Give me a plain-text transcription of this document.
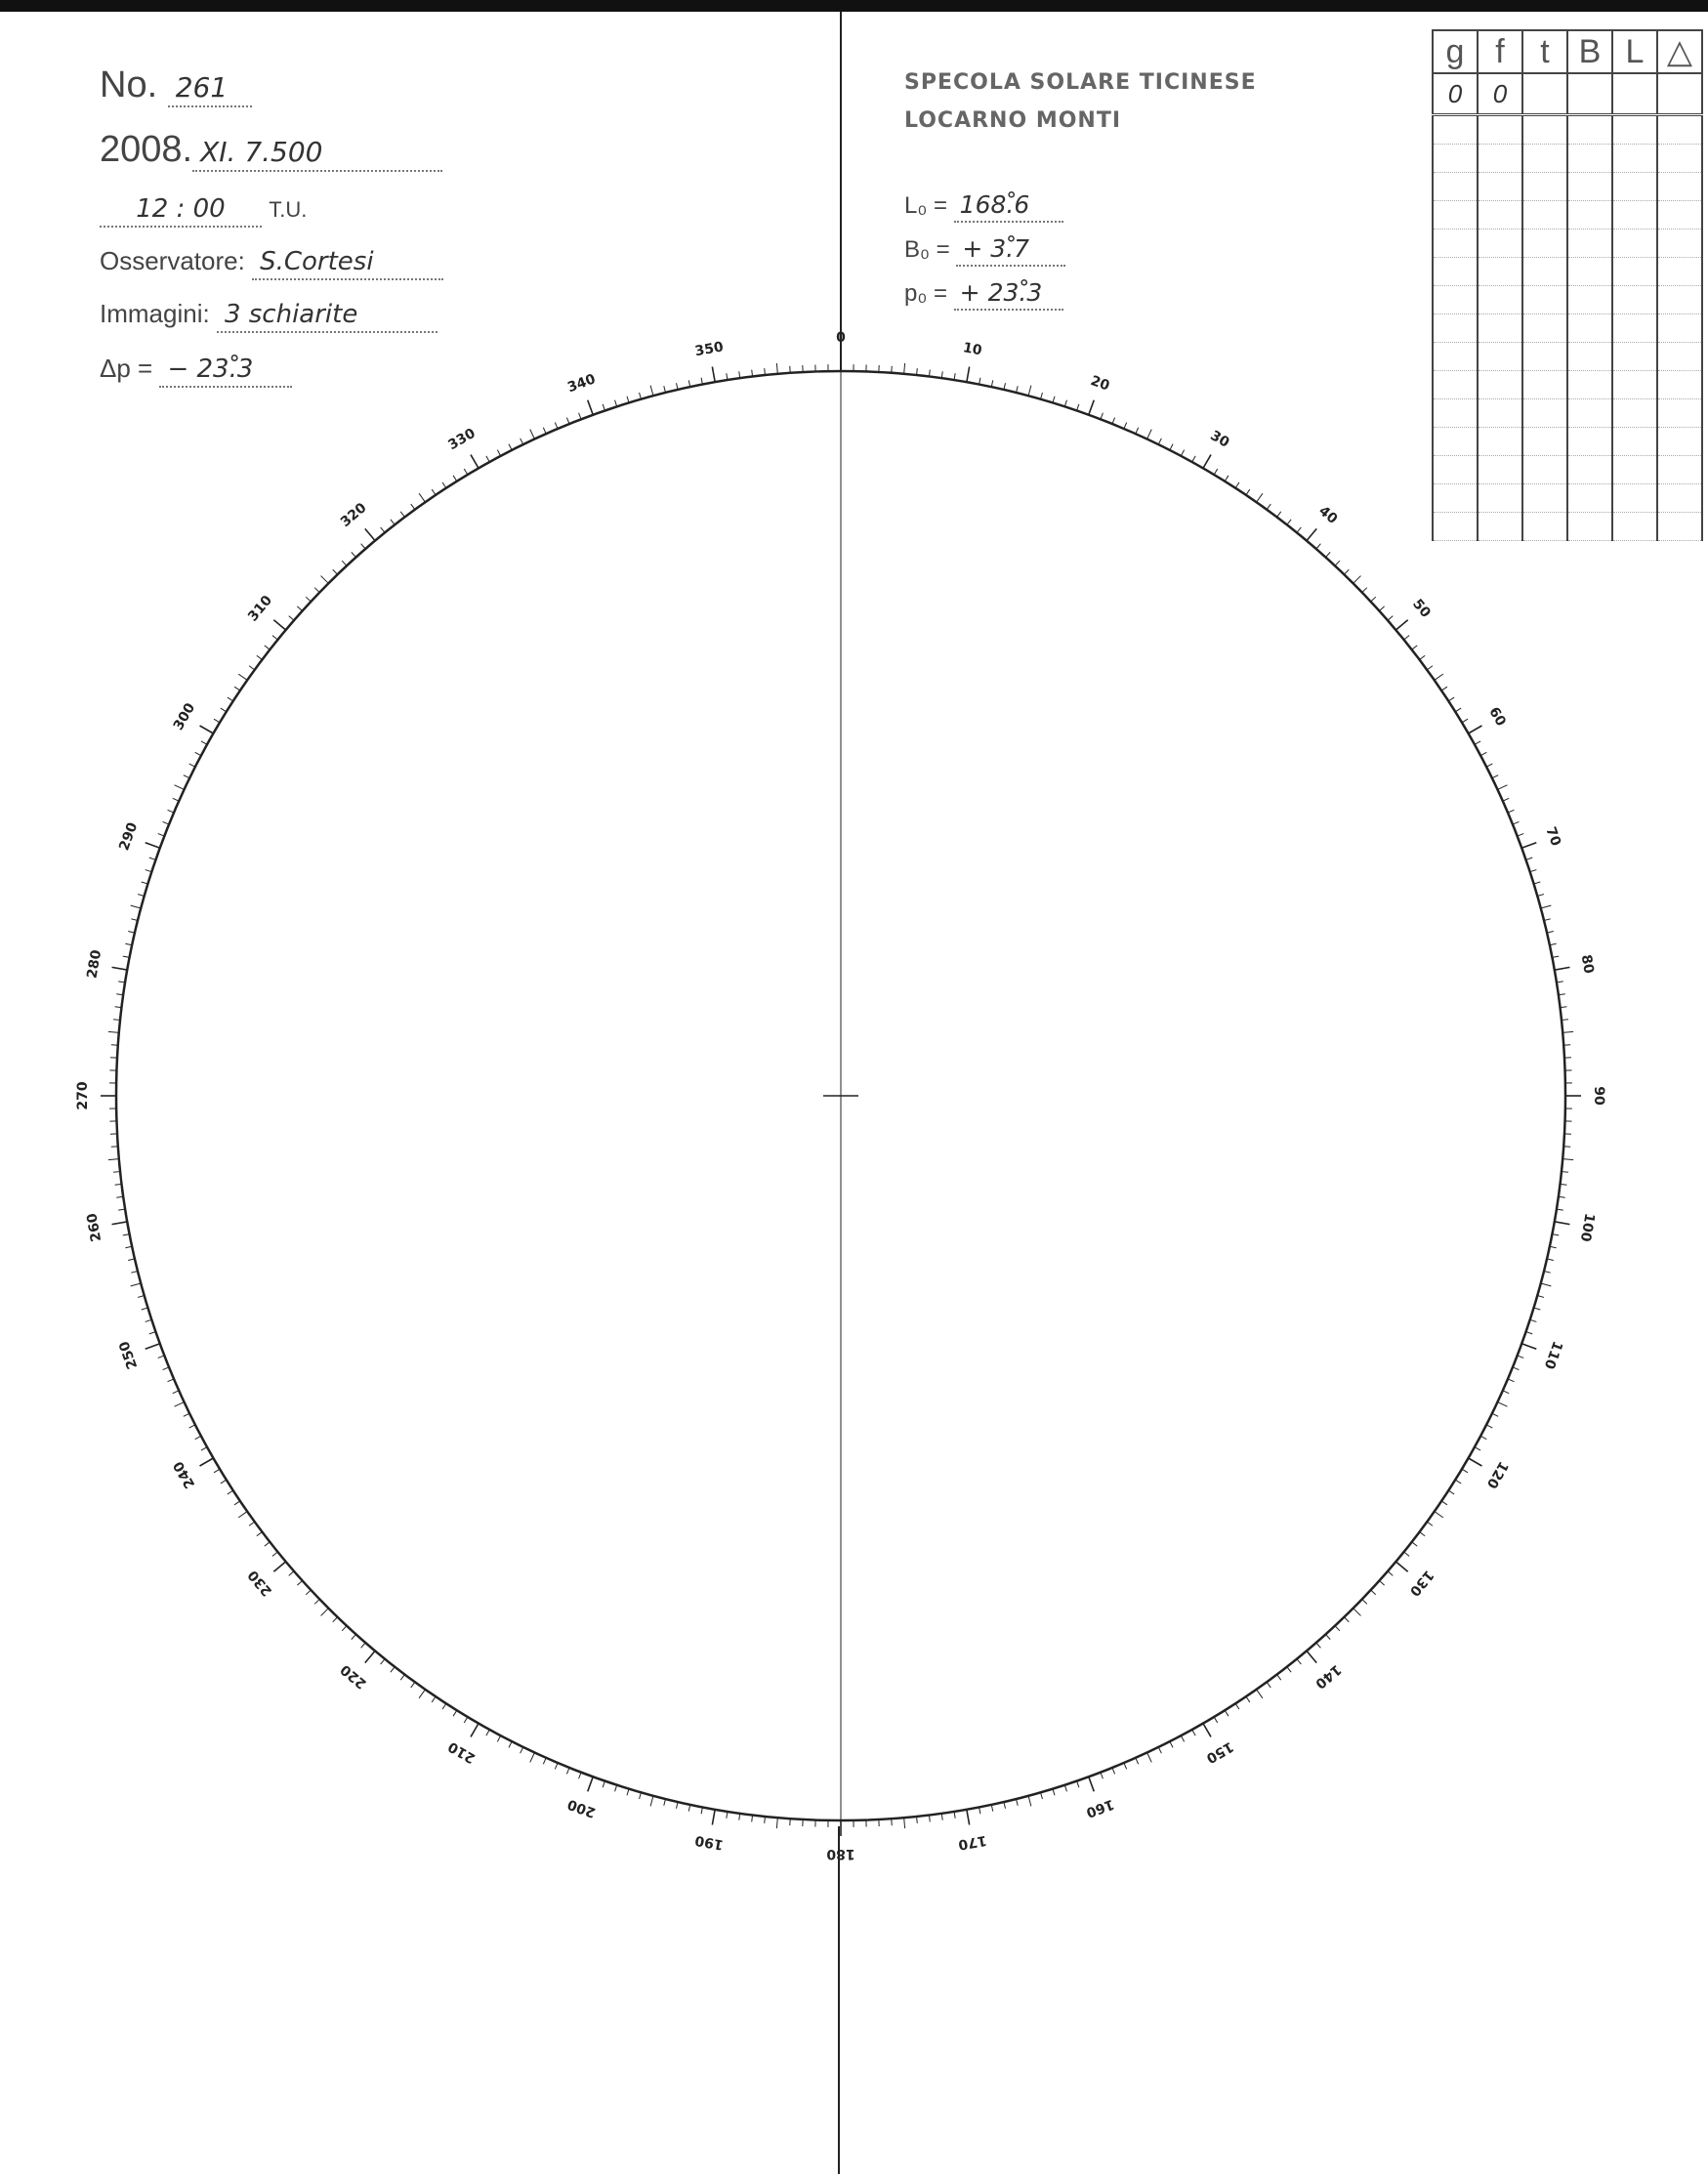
No. 261
2008. XI. 7.500
12 : 00 T.U.
Osservatore: S.Cortesi
Immagini: 3 schiarite
Δp = − 23.̊3
SPECOLA SOLARE TICINESE
LOCARNO MONTI
L₀ = 168.̊6
B₀ = + 3.̊7
p₀ = + 23.̊3
g	f	t	B	L	△
0	0				

0
10
20
30
40
50
60
70
80
90
100
110
120
130
140
150
160
170
180
190
200
210
220
230
240
250
260
270
280
290
300
310
320
330
340
350
